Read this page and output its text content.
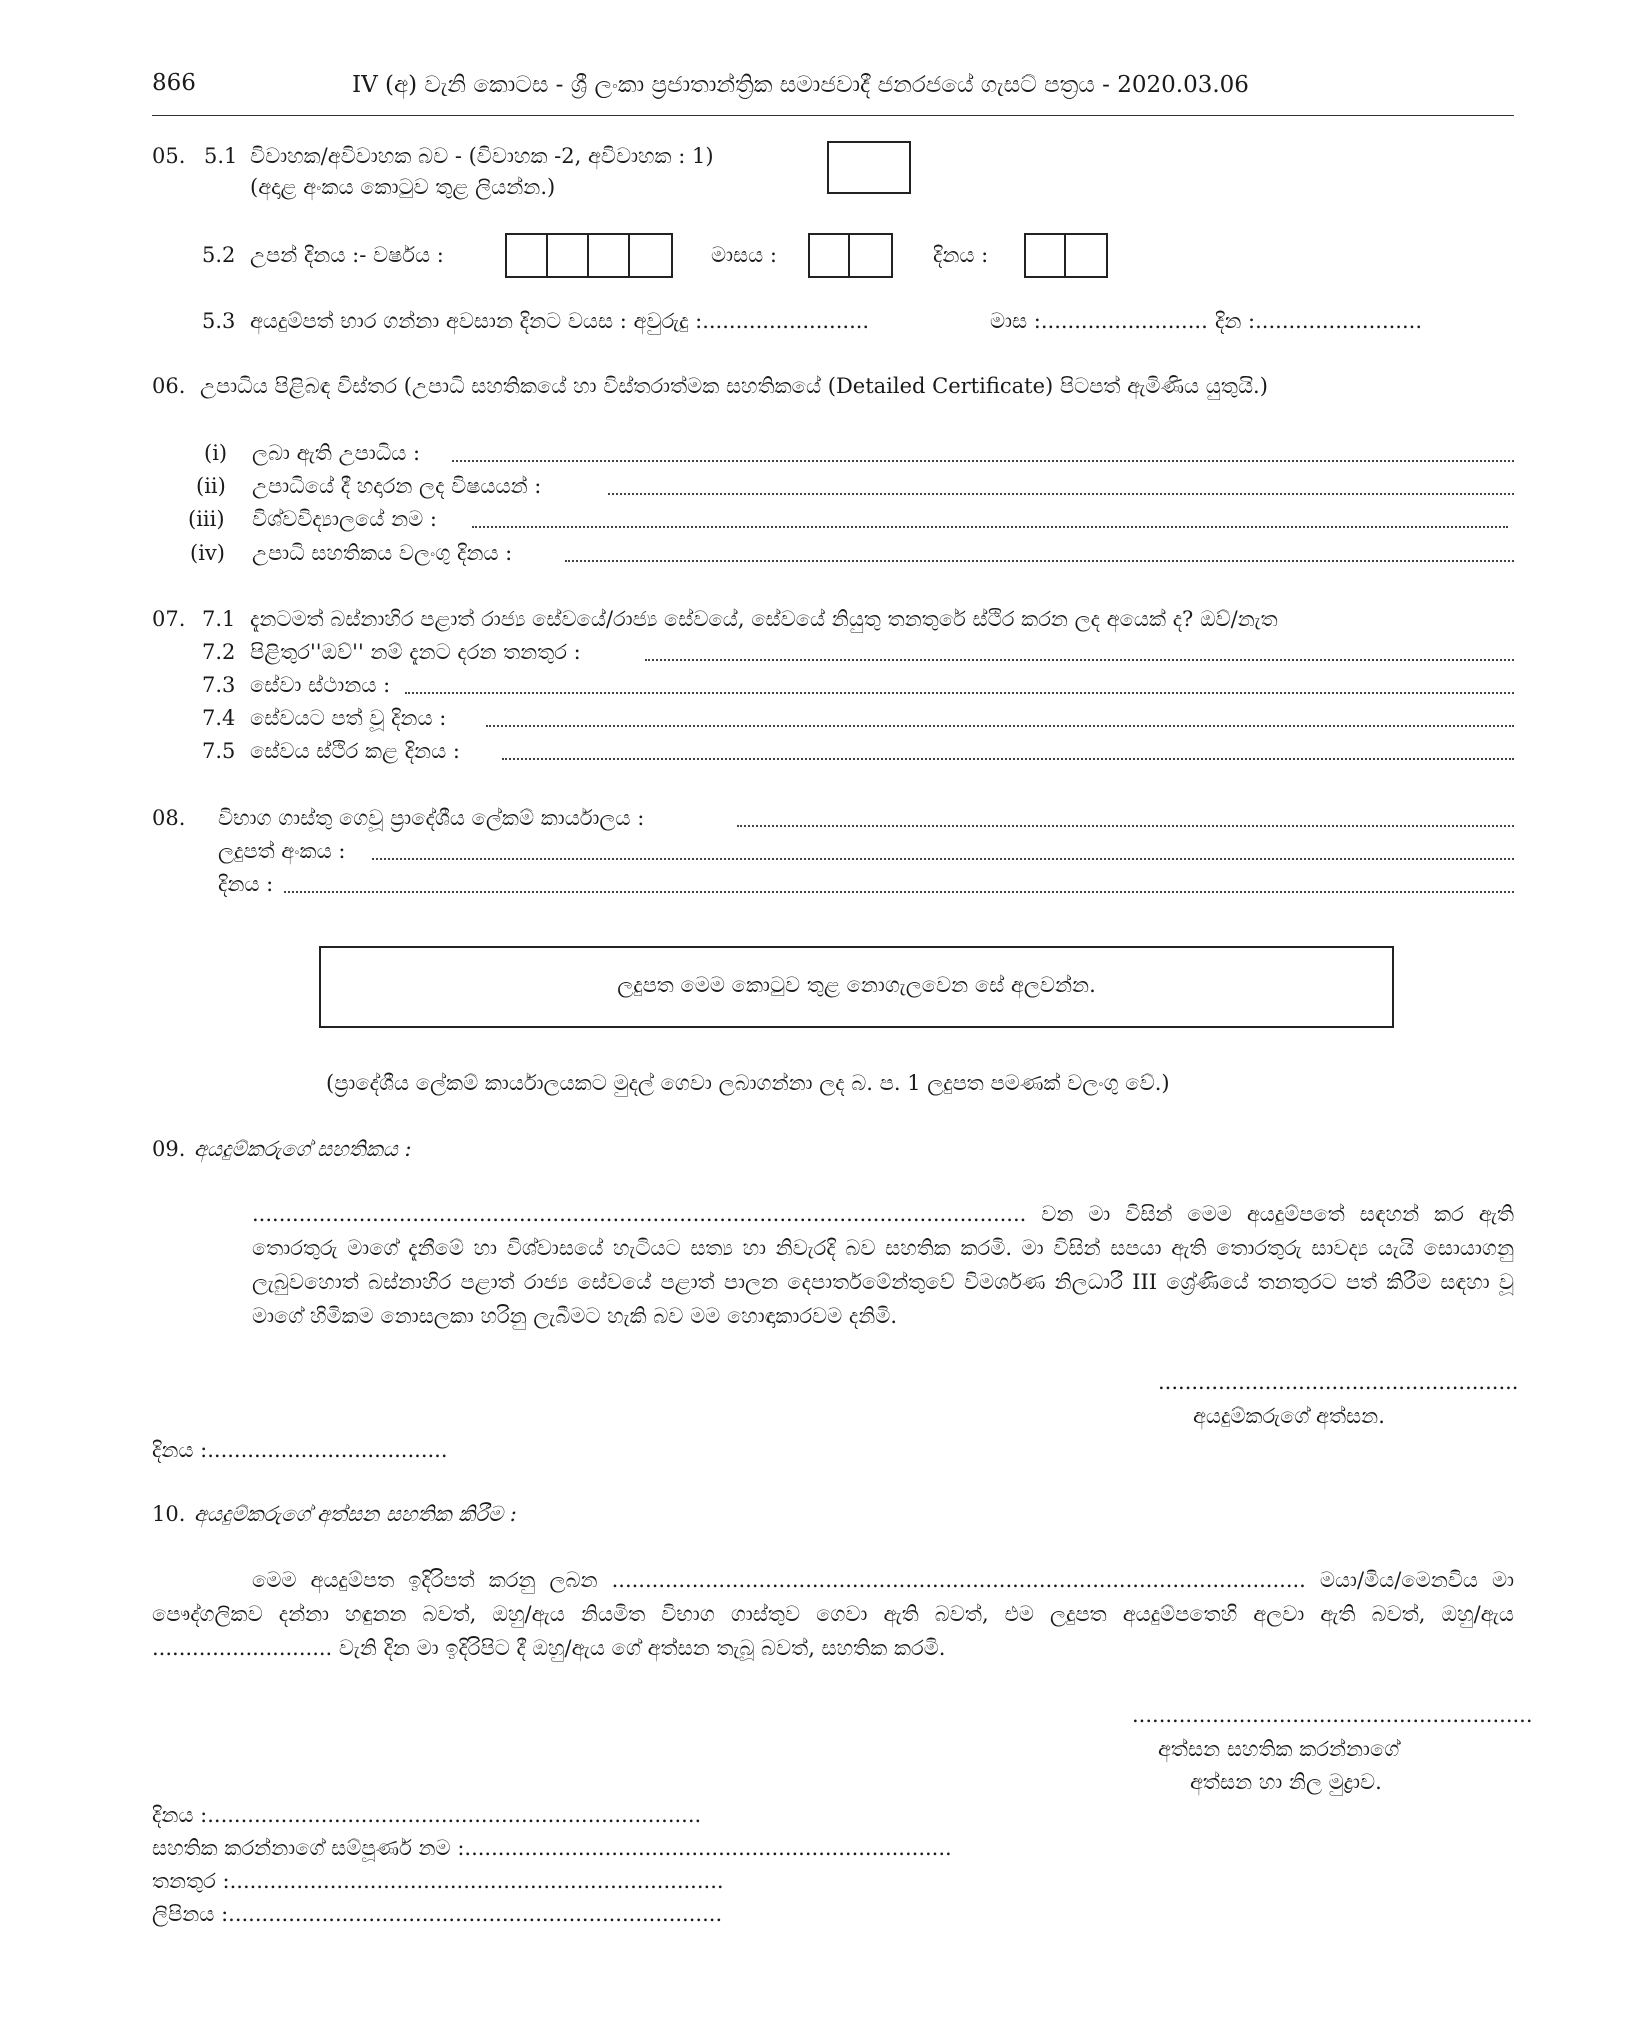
866	IV (අ) වැනි කොටස - ශ්‍රී ලංකා ප්‍රජාතාන්ත්‍රික සමාජවාදී ජනරජයේ ගැසට් පත්‍රය - 2020.03.06
05. 5.1 විවාහක/අවිවාහක බව - (විවාහක -2, අවිවාහක : 1)
(අදාළ අංකය කොටුව තුළ ලියන්න.)
5.2 උපන් දිනය :- වර්ෂය :	මාසය :	දිනය :
5.3 අයදුම්පත් භාර ගන්නා අවසාන දිනට වයස : අවුරුදු :.........................	මාස :......................... දින :.........................
06. උපාධිය පිළිබඳ විස්තර (උපාධි සහතිකයේ හා විස්තරාත්මක සහතිකයේ (Detailed Certificate) පිටපත් ඇමිණිය යුතුයි.)
(i) ලබා ඇති උපාධිය :
(ii) උපාධියේ දී හදාරන ලද විෂයයන් :
(iii) විශ්වවිද්‍යාලයේ නම :
(iv) උපාධි සහතිකය වලංගු දිනය :
07. 7.1 දැනටමත් බස්නාහිර පළාත් රාජ්‍ය සේවයේ/රාජ්‍ය සේවයේ, සේවයේ නියුතු තනතුරේ ස්ථිර කරන ලද අයෙක් ද? ඔව්/නැත
7.2 පිළිතුර''ඔව්'' නම් දැනට දරන තනතුර :
7.3 සේවා ස්ථානය :
7.4 සේවයට පත් වූ දිනය :
7.5 සේවය ස්ථිර කළ දිනය :
08. විභාග ගාස්තු ගෙවූ ප්‍රාදේශීය ලේකම් කාර්යාලය :
ලදුපත් අංකය :
දිනය :
ලදුපත මෙම කොටුව තුළ නොගැලවෙන සේ අලවන්න.
(ප්‍රාදේශීය ලේකම් කාර්යාලයකට මුදල් ගෙවා ලබාගන්නා ලද බ. ප. 1 ලදුපත පමණක් වලංගු වේ.)
09. අයදුම්කරුගේ සහතිකය :
.................................................................................................................... වන මා විසින් මෙම අයදුම්පතේ සඳහන් කර ඇති තොරතුරු මාගේ දැනීමේ හා විශ්වාසයේ හැටියට සත්‍ය හා නිවැරදි බව සහතික කරමි. මා විසින් සපයා ඇති තොරතුරු සාවද්‍ය යැයි සොයාගනු ලැබුවහොත් බස්නාහිර පළාත් රාජ්‍ය සේවයේ පළාත් පාලන දෙපාර්තමේන්තුවේ විමර්ශණ නිලධාරී III ශ්‍රේණියේ තනතුරට පත් කිරීම සඳහා වූ මාගේ හිමිකම නොසලකා හරිනු ලැබීමට හැකි බව මම හොඳාකාරවම දනිමි.
......................................................
අයදුම්කරුගේ අත්සන.
දිනය :....................................
10. අයදුම්කරුගේ අත්සන සහතික කිරීම :
මෙම අයදුම්පත ඉදිරිපත් කරනු ලබන ........................................................................................................ මයා/මිය/මෙනවිය මා පෞද්ගලිකව දන්නා හඳුනන බවත්, ඔහු/ඇය නියමිත විභාග ගාස්තුව ගෙවා ඇති බවත්, එම ලදුපත අයදුම්පතෙහි අලවා ඇති බවත්, ඔහු/ඇය ........................... වැනි දින මා ඉදිරිපිට දී ඔහු/ඇය ගේ අත්සන තැබූ බවත්, සහතික කරමි.
............................................................
අත්සන සහතික කරන්නාගේ
අත්සන හා නිල මුද්‍රාව.
දිනය :..........................................................................
සහතික කරන්නාගේ සම්පූර්ණ නම :.........................................................................
තනතුර :..........................................................................
ලිපිනය :..........................................................................
